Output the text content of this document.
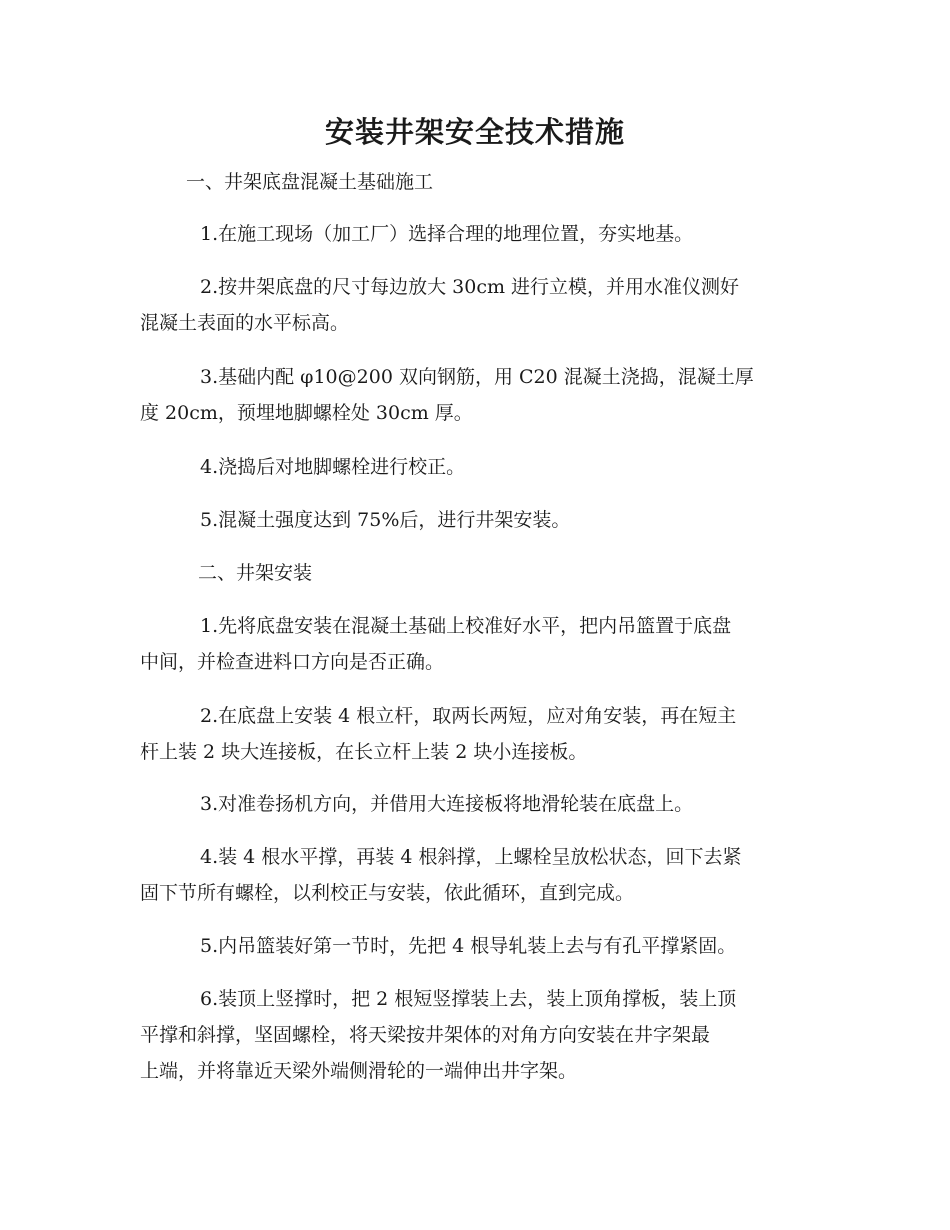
安装井架安全技术措施

一、井架底盘混凝土基础施工

1.在施工现场（加工厂）选择合理的地理位置，夯实地基。

2.按井架底盘的尺寸每边放大 30cm 进行立模，并用水准仪测好
混凝土表面的水平标高。

3.基础内配 φ10@200 双向钢筋，用 C20 混凝土浇捣，混凝土厚
度 20cm，预埋地脚螺栓处 30cm 厚。

4.浇捣后对地脚螺栓进行校正。

5.混凝土强度达到 75%后，进行井架安装。

二、井架安装

1.先将底盘安装在混凝土基础上校准好水平，把内吊篮置于底盘
中间，并检查进料口方向是否正确。

2.在底盘上安装 4 根立杆，取两长两短，应对角安装，再在短主
杆上装 2 块大连接板，在长立杆上装 2 块小连接板。

3.对准卷扬机方向，并借用大连接板将地滑轮装在底盘上。

4.装 4 根水平撑，再装 4 根斜撑，上螺栓呈放松状态，回下去紧
固下节所有螺栓，以利校正与安装，依此循环，直到完成。

5.内吊篮装好第一节时，先把 4 根导轧装上去与有孔平撑紧固。

6.装顶上竖撑时，把 2 根短竖撑装上去，装上顶角撑板，装上顶
平撑和斜撑，坚固螺栓，将天梁按井架体的对角方向安装在井字架最
上端，并将靠近天梁外端侧滑轮的一端伸出井字架。
